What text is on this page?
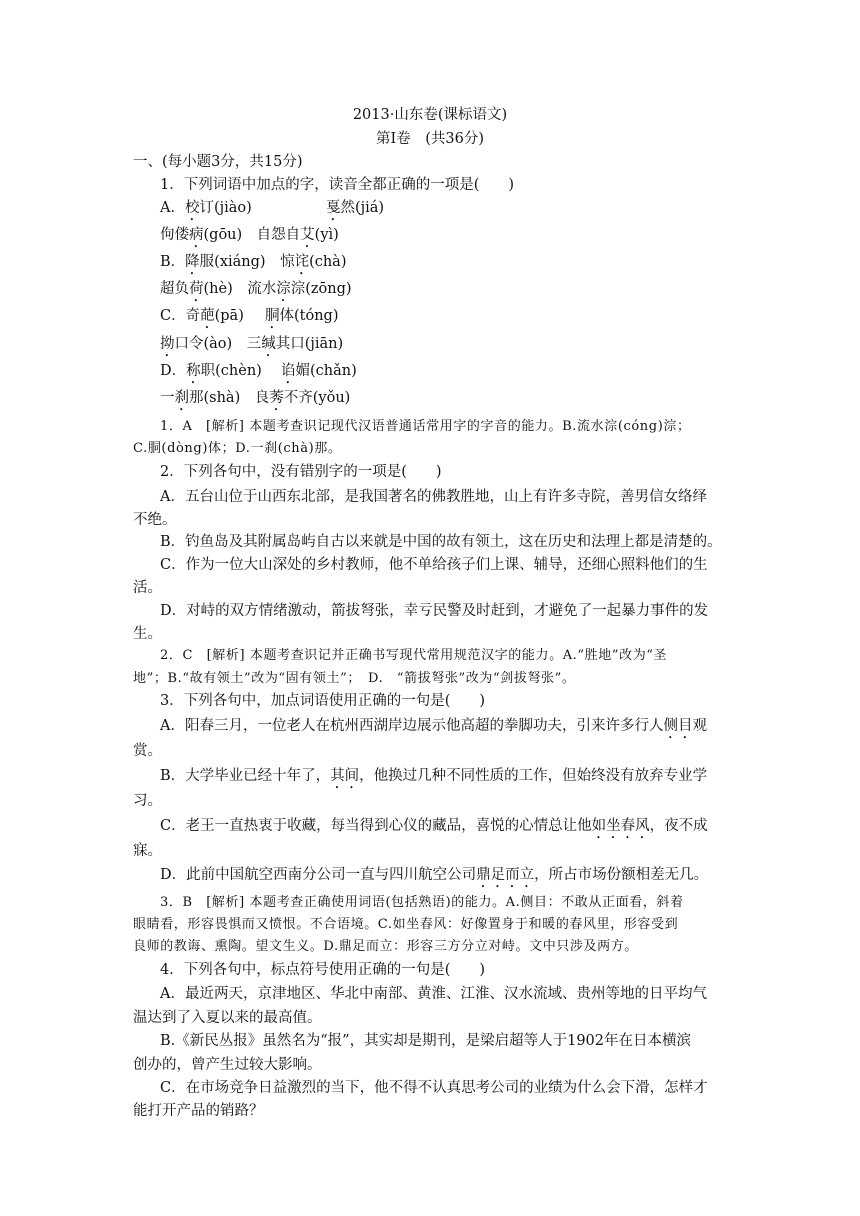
2013·山东卷(课标语文)
第Ⅰ卷　(共36分)
一、(每小题3分，共15分)
1．下列词语中加点的字，读音全都正确的一项是(　　)
A．校订(jiào)	戛然(jiá)
佝偻病(gōu)　 自怨自艾(yì)
B．降服(xiáng)　 惊诧(chà)
超负荷(hè)　 流水淙淙(zōng)
C．奇葩(pā) 胴体(tóng)
拗口令(ào)　 三缄其口(jiān)
D．称职(chèn) 谄媚(chǎn)
一刹那(shà)　 良莠不齐(yǒu)
1．A　[解析] 本题考查识记现代汉语普通话常用字的字音的能力。B.流水淙(cóng)淙；
C.胴(dòng)体；D.一刹(chà)那。
2．下列各句中，没有错别字的一项是(　　)
A．五台山位于山西东北部，是我国著名的佛教胜地，山上有许多寺院，善男信女络绎
不绝。
B．钓鱼岛及其附属岛屿自古以来就是中国的故有领土，这在历史和法理上都是清楚的。
C．作为一位大山深处的乡村教师，他不单给孩子们上课、辅导，还细心照料他们的生
活。
D．对峙的双方情绪激动，箭拔弩张，幸亏民警及时赶到，才避免了一起暴力事件的发
生。
2．C　[解析] 本题考查识记并正确书写现代常用规范汉字的能力。A.“胜地”改为“圣
地”；B.“故有领土”改为“固有领土”；　D.　“箭拔弩张”改为“剑拔弩张”。
3．下列各句中，加点词语使用正确的一句是(　　)
A．阳春三月，一位老人在杭州西湖岸边展示他高超的拳脚功夫，引来许多行人侧目观
赏。
B．大学毕业已经十年了，其间，他换过几种不同性质的工作，但始终没有放弃专业学
习。
C．老王一直热衷于收藏，每当得到心仪的藏品，喜悦的心情总让他如坐春风，夜不成
寐。
D．此前中国航空西南分公司一直与四川航空公司鼎足而立，所占市场份额相差无几。
3．B　[解析] 本题考查正确使用词语(包括熟语)的能力。A.侧目：不敢从正面看，斜着
眼睛看，形容畏惧而又愤恨。不合语境。C.如坐春风：好像置身于和暖的春风里，形容受到
良师的教诲、熏陶。望文生义。D.鼎足而立：形容三方分立对峙。文中只涉及两方。
4．下列各句中，标点符号使用正确的一句是(　　)
A．最近两天，京津地区、华北中南部、黄淮、江淮、汉水流域、贵州等地的日平均气
温达到了入夏以来的最高值。
B.《新民丛报》虽然名为“报”，其实却是期刊，是梁启超等人于1902年在日本横滨
创办的，曾产生过较大影响。
C．在市场竞争日益激烈的当下，他不得不认真思考公司的业绩为什么会下滑，怎样才
能打开产品的销路？
